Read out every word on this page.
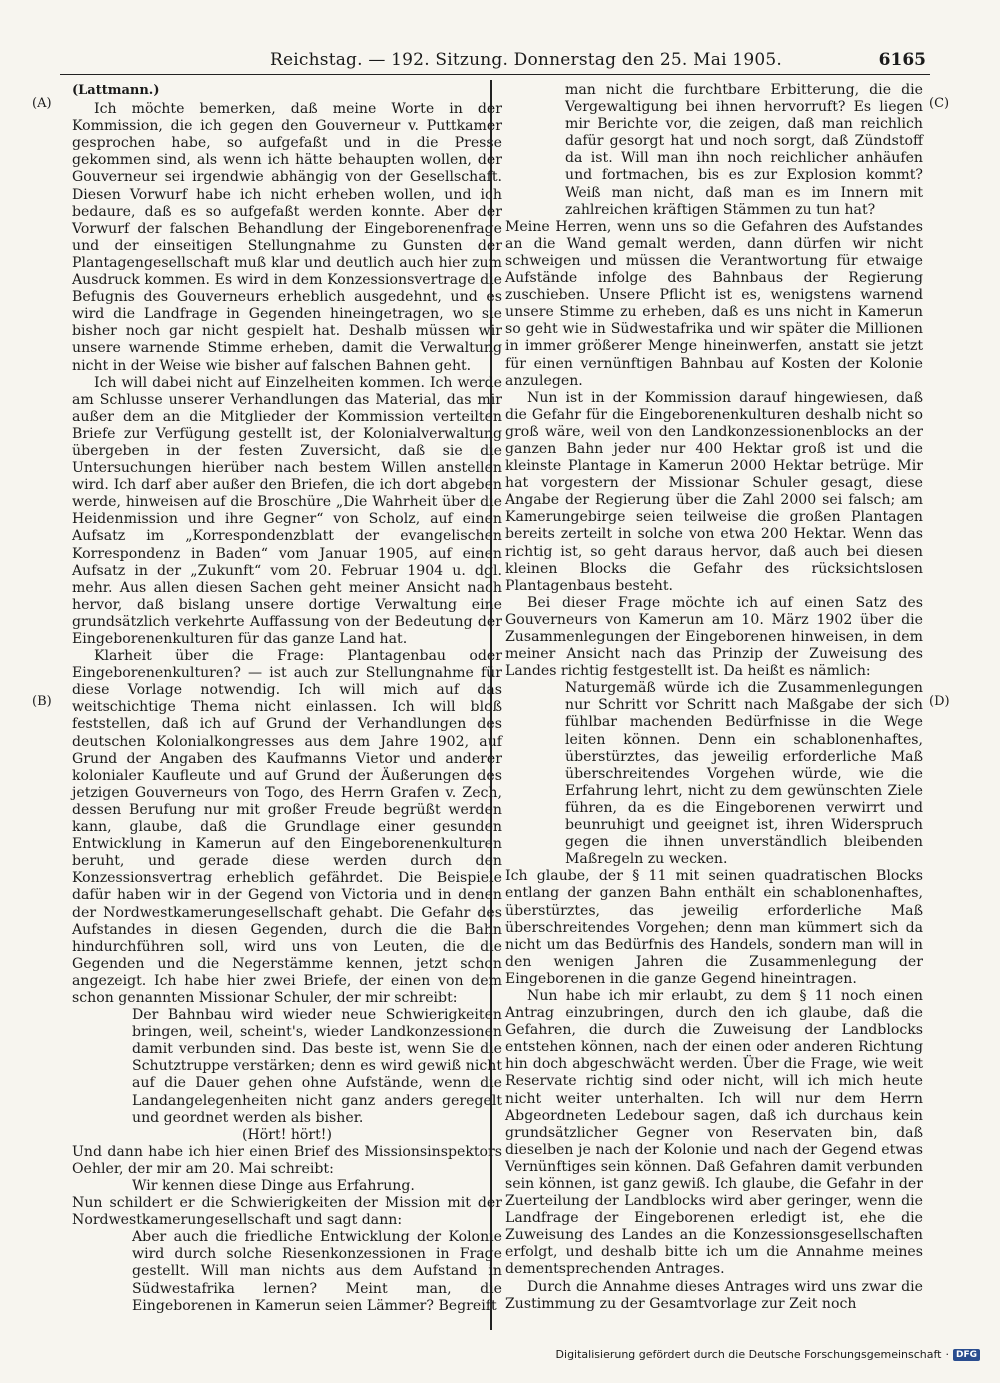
Reichstag. — 192. Sitzung. Donnerstag den 25. Mai 1905.	6165
(A)
(B)
(C)
(D)
(Lattmann.)

Ich möchte bemerken, daß meine Worte in der Kommission, die ich gegen den Gouverneur v. Puttkamer gesprochen habe, so aufgefaßt und in die Presse gekommen sind, als wenn ich hätte behaupten wollen, der Gouverneur sei irgendwie abhängig von der Gesellschaft. Diesen Vorwurf habe ich nicht erheben wollen, und ich bedaure, daß es so aufgefaßt werden konnte. Aber der Vorwurf der falschen Behandlung der Eingeborenenfrage und der einseitigen Stellungnahme zu Gunsten der Plantagengesellschaft muß klar und deutlich auch hier zum Ausdruck kommen. Es wird in dem Konzessionsvertrage die Befugnis des Gouverneurs erheblich ausgedehnt, und es wird die Landfrage in Gegenden hineingetragen, wo sie bisher noch gar nicht gespielt hat. Deshalb müssen wir unsere warnende Stimme erheben, damit die Verwaltung nicht in der Weise wie bisher auf falschen Bahnen geht.

Ich will dabei nicht auf Einzelheiten kommen. Ich werde am Schlusse unserer Verhandlungen das Material, das mir außer dem an die Mitglieder der Kommission verteilten Briefe zur Verfügung gestellt ist, der Kolonialverwaltung übergeben in der festen Zuversicht, daß sie die Untersuchungen hierüber nach bestem Willen anstellen wird. Ich darf aber außer den Briefen, die ich dort abgeben werde, hinweisen auf die Broschüre „Die Wahrheit über die Heidenmission und ihre Gegner“ von Scholz, auf einen Aufsatz im „Korrespondenzblatt der evangelischen Korrespondenz in Baden“ vom Januar 1905, auf einen Aufsatz in der „Zukunft“ vom 20. Februar 1904 u. dgl. mehr. Aus allen diesen Sachen geht meiner Ansicht nach hervor, daß bislang unsere dortige Verwaltung eine grundsätzlich verkehrte Auffassung von der Bedeutung der Eingeborenenkulturen für das ganze Land hat.

Klarheit über die Frage: Plantagenbau oder Eingeborenenkulturen? — ist auch zur Stellungnahme für diese Vorlage notwendig. Ich will mich auf das weitschichtige Thema nicht einlassen. Ich will bloß feststellen, daß ich auf Grund der Verhandlungen des deutschen Kolonialkongresses aus dem Jahre 1902, auf Grund der Angaben des Kaufmanns Vietor und anderer kolonialer Kaufleute und auf Grund der Äußerungen des jetzigen Gouverneurs von Togo, des Herrn Grafen v. Zech, dessen Berufung nur mit großer Freude begrüßt werden kann, glaube, daß die Grundlage einer gesunden Entwicklung in Kamerun auf den Eingeborenenkulturen beruht, und gerade diese werden durch den Konzessionsvertrag erheblich gefährdet. Die Beispiele dafür haben wir in der Gegend von Victoria und in denen der Nordwestkamerungesellschaft gehabt. Die Gefahr des Aufstandes in diesen Gegenden, durch die die Bahn hindurchführen soll, wird uns von Leuten, die die Gegenden und die Negerstämme kennen, jetzt schon angezeigt. Ich habe hier zwei Briefe, der einen von dem schon genannten Missionar Schuler, der mir schreibt:

Der Bahnbau wird wieder neue Schwierigkeiten bringen, weil, scheint's, wieder Landkonzessionen damit verbunden sind. Das beste ist, wenn Sie die Schutztruppe verstärken; denn es wird gewiß nicht auf die Dauer gehen ohne Aufstände, wenn die Landangelegenheiten nicht ganz anders geregelt und geordnet werden als bisher.

(Hört! hört!)

Und dann habe ich hier einen Brief des Missionsinspektors Oehler, der mir am 20. Mai schreibt:

Wir kennen diese Dinge aus Erfahrung.

Nun schildert er die Schwierigkeiten der Mission mit der Nordwestkamerungesellschaft und sagt dann:

Aber auch die friedliche Entwicklung der Kolonie wird durch solche Riesenkonzessionen in Frage gestellt. Will man nichts aus dem Aufstand in Südwestafrika lernen? Meint man, die Eingeborenen in Kamerun seien Lämmer? Begreift

man nicht die furchtbare Erbitterung, die die Vergewaltigung bei ihnen hervorruft? Es liegen mir Berichte vor, die zeigen, daß man reichlich dafür gesorgt hat und noch sorgt, daß Zündstoff da ist. Will man ihn noch reichlicher anhäufen und fortmachen, bis es zur Explosion kommt? Weiß man nicht, daß man es im Innern mit zahlreichen kräftigen Stämmen zu tun hat?

Meine Herren, wenn uns so die Gefahren des Aufstandes an die Wand gemalt werden, dann dürfen wir nicht schweigen und müssen die Verantwortung für etwaige Aufstände infolge des Bahnbaus der Regierung zuschieben. Unsere Pflicht ist es, wenigstens warnend unsere Stimme zu erheben, daß es uns nicht in Kamerun so geht wie in Südwestafrika und wir später die Millionen in immer größerer Menge hineinwerfen, anstatt sie jetzt für einen vernünftigen Bahnbau auf Kosten der Kolonie anzulegen.

Nun ist in der Kommission darauf hingewiesen, daß die Gefahr für die Eingeborenenkulturen deshalb nicht so groß wäre, weil von den Landkonzessionenblocks an der ganzen Bahn jeder nur 400 Hektar groß ist und die kleinste Plantage in Kamerun 2000 Hektar betrüge. Mir hat vorgestern der Missionar Schuler gesagt, diese Angabe der Regierung über die Zahl 2000 sei falsch; am Kamerungebirge seien teilweise die großen Plantagen bereits zerteilt in solche von etwa 200 Hektar. Wenn das richtig ist, so geht daraus hervor, daß auch bei diesen kleinen Blocks die Gefahr des rücksichtslosen Plantagenbaus besteht.

Bei dieser Frage möchte ich auf einen Satz des Gouverneurs von Kamerun am 10. März 1902 über die Zusammenlegungen der Eingeborenen hinweisen, in dem meiner Ansicht nach das Prinzip der Zuweisung des Landes richtig festgestellt ist. Da heißt es nämlich:

Naturgemäß würde ich die Zusammenlegungen nur Schritt vor Schritt nach Maßgabe der sich fühlbar machenden Bedürfnisse in die Wege leiten können. Denn ein schablonenhaftes, überstürztes, das jeweilig erforderliche Maß überschreitendes Vorgehen würde, wie die Erfahrung lehrt, nicht zu dem gewünschten Ziele führen, da es die Eingeborenen verwirrt und beunruhigt und geeignet ist, ihren Widerspruch gegen die ihnen unverständlich bleibenden Maßregeln zu wecken.

Ich glaube, der § 11 mit seinen quadratischen Blocks entlang der ganzen Bahn enthält ein schablonenhaftes, überstürztes, das jeweilig erforderliche Maß überschreitendes Vorgehen; denn man kümmert sich da nicht um das Bedürfnis des Handels, sondern man will in den wenigen Jahren die Zusammenlegung der Eingeborenen in die ganze Gegend hineintragen.

Nun habe ich mir erlaubt, zu dem § 11 noch einen Antrag einzubringen, durch den ich glaube, daß die Gefahren, die durch die Zuweisung der Landblocks entstehen können, nach der einen oder anderen Richtung hin doch abgeschwächt werden. Über die Frage, wie weit Reservate richtig sind oder nicht, will ich mich heute nicht weiter unterhalten. Ich will nur dem Herrn Abgeordneten Ledebour sagen, daß ich durchaus kein grundsätzlicher Gegner von Reservaten bin, daß dieselben je nach der Kolonie und nach der Gegend etwas Vernünftiges sein können. Daß Gefahren damit verbunden sein können, ist ganz gewiß. Ich glaube, die Gefahr in der Zuerteilung der Landblocks wird aber geringer, wenn die Landfrage der Eingeborenen erledigt ist, ehe die Zuweisung des Landes an die Konzessionsgesellschaften erfolgt, und deshalb bitte ich um die Annahme meines dementsprechenden Antrages.

Durch die Annahme dieses Antrages wird uns zwar die Zustimmung zu der Gesamtvorlage zur Zeit noch

Digitalisierung gefördert durch die Deutsche Forschungsgemeinschaft · DFG
